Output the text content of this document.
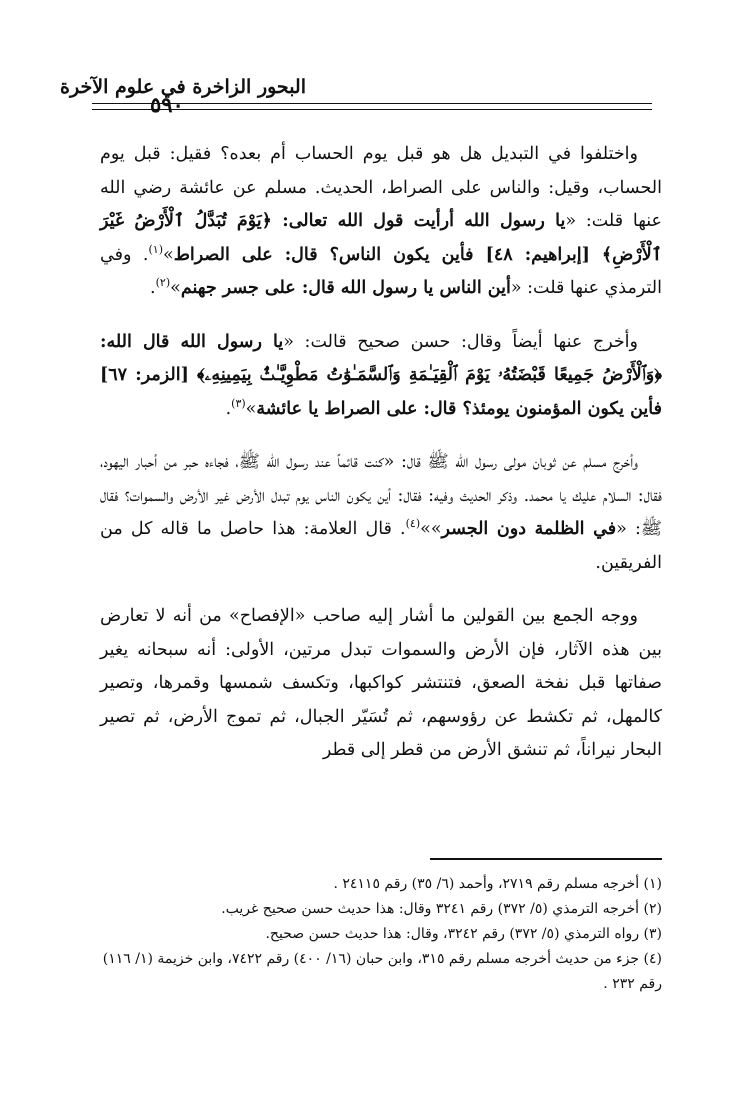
البحور الزاخرة في علوم الآخرة
٥٩٠

واختلفوا في التبديل هل هو قبل يوم الحساب أم بعده؟ فقيل: قبل يوم الحساب، وقيل: والناس على الصراط، الحديث. مسلم عن عائشة رضي الله عنها قلت: «يا رسول الله أرأيت قول الله تعالى: ﴿يَوْمَ تُبَدَّلُ ٱلْأَرْضُ غَيْرَ ٱلْأَرْضِ﴾ [إبراهيم: ٤٨] فأين يكون الناس؟ قال: على الصراط»$^{(١)}$. وفي الترمذي عنها قلت: «أين الناس يا رسول الله قال: على جسر جهنم»$^{(٢)}$.

وأخرج عنها أيضاً وقال: حسن صحيح قالت: «يا رسول الله قال الله: ﴿وَٱلْأَرْضُ جَمِيعًا قَبْضَتُهُۥ يَوْمَ ٱلْقِيَـٰمَةِ وَٱلسَّمَـٰوَٰتُ مَطْوِيَّـٰتٌۢ بِيَمِينِهِۦ﴾ [الزمر: ٦٧] فأين يكون المؤمنون يومئذ؟ قال: على الصراط يا عائشة»$^{(٣)}$.

وأخرج مسلم عن ثوبان مولى رسول الله ﷺ قال: «كنت قائماً عند رسول الله ﷺ، فجاءه حبر من أحبار اليهود، فقال: السلام عليك يا محمد. وذكر الحديث وفيه: فقال: أين يكون الناس يوم تبدل الأرض غير الأرض والسموات؟ فقال ﷺ: «في الظلمة دون الجسر»»$^{(٤)}$. قال العلامة: هذا حاصل ما قاله كل من الفريقين.

ووجه الجمع بين القولين ما أشار إليه صاحب «الإفصاح» من أنه لا تعارض بين هذه الآثار، فإن الأرض والسموات تبدل مرتين، الأولى: أنه سبحانه يغير صفاتها قبل نفخة الصعق، فتنتشر كواكبها، وتكسف شمسها وقمرها، وتصير كالمهل، ثم تكشط عن رؤوسهم، ثم تُسَيّر الجبال، ثم تموج الأرض، ثم تصير البحار نيراناً، ثم تنشق الأرض من قطر إلى قطر

(١) أخرجه مسلم رقم ٢٧١٩، وأحمد (٦/ ٣٥) رقم ٢٤١١٥ .
(٢) أخرجه الترمذي (٥/ ٣٧٢) رقم ٣٢٤١ وقال: هذا حديث حسن صحيح غريب.
(٣) رواه الترمذي (٥/ ٣٧٢) رقم ٣٢٤٢، وقال: هذا حديث حسن صحيح.
(٤) جزء من حديث أخرجه مسلم رقم ٣١٥، وابن حبان (١٦/ ٤٠٠) رقم ٧٤٢٢، وابن خزيمة (١/ ١١٦) رقم ٢٣٢ .
